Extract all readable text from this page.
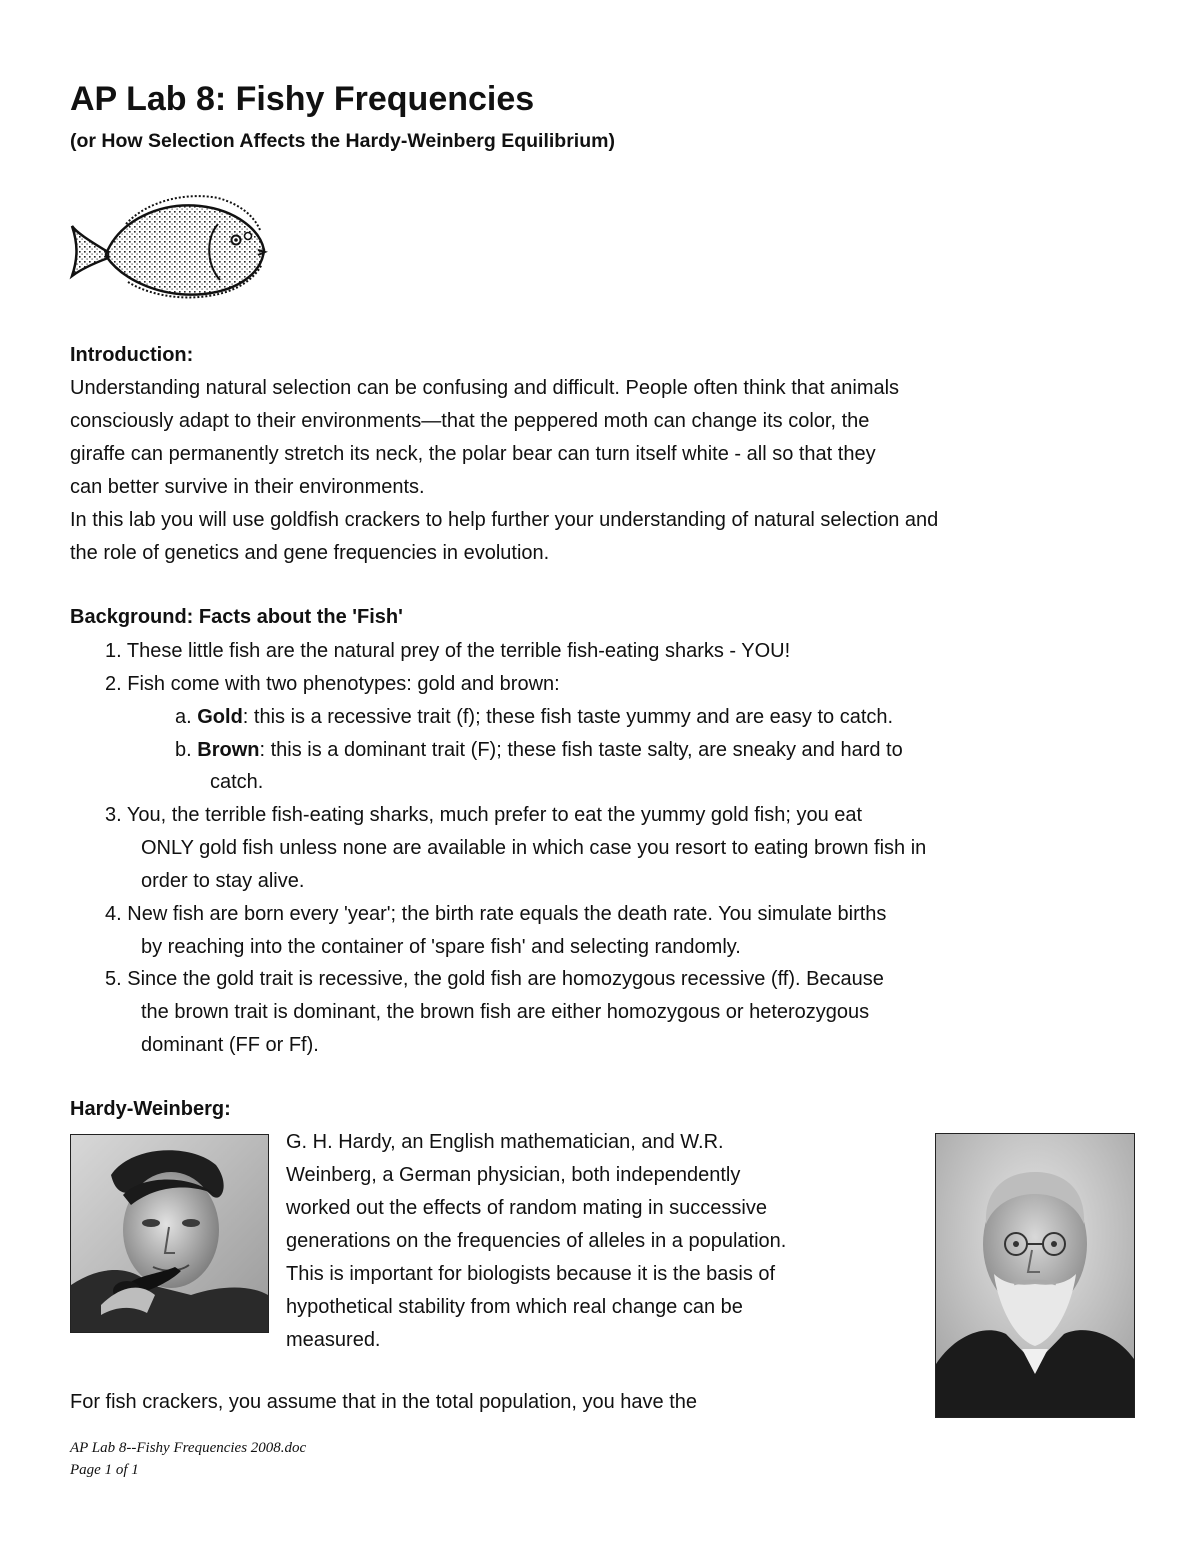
AP Lab 8: Fishy Frequencies
(or How Selection Affects the Hardy-Weinberg Equilibrium)
Introduction:
Understanding natural selection can be confusing and difficult. People often think that animals
consciously adapt to their environments—that the peppered moth can change its color, the
giraffe can permanently stretch its neck, the polar bear can turn itself white - all so that they
can better survive in their environments.
In this lab you will use goldfish crackers to help further your understanding of natural selection and
the role of genetics and gene frequencies in evolution.
Background: Facts about the 'Fish'
1. These little fish are the natural prey of the terrible fish-eating sharks - YOU!
2. Fish come with two phenotypes: gold and brown:
a. Gold: this is a recessive trait (f); these fish taste yummy and are easy to catch.
b. Brown: this is a dominant trait (F); these fish taste salty, are sneaky and hard to
catch.
3. You, the terrible fish-eating sharks, much prefer to eat the yummy gold fish; you eat
ONLY gold fish unless none are available in which case you resort to eating brown fish in
order to stay alive.
4. New fish are born every 'year'; the birth rate equals the death rate. You simulate births
by reaching into the container of 'spare fish' and selecting randomly.
5. Since the gold trait is recessive, the gold fish are homozygous recessive (ff). Because
the brown trait is dominant, the brown fish are either homozygous or heterozygous
dominant (FF or Ff).
Hardy-Weinberg:
G. H. Hardy, an English mathematician, and W.R.
Weinberg, a German physician, both independently
worked out the effects of random mating in successive
generations on the frequencies of alleles in a population.
This is important for biologists because it is the basis of
hypothetical stability from which real change can be
measured.
For fish crackers, you assume that in the total population, you have the
AP Lab 8--Fishy Frequencies 2008.doc
Page 1 of 1
